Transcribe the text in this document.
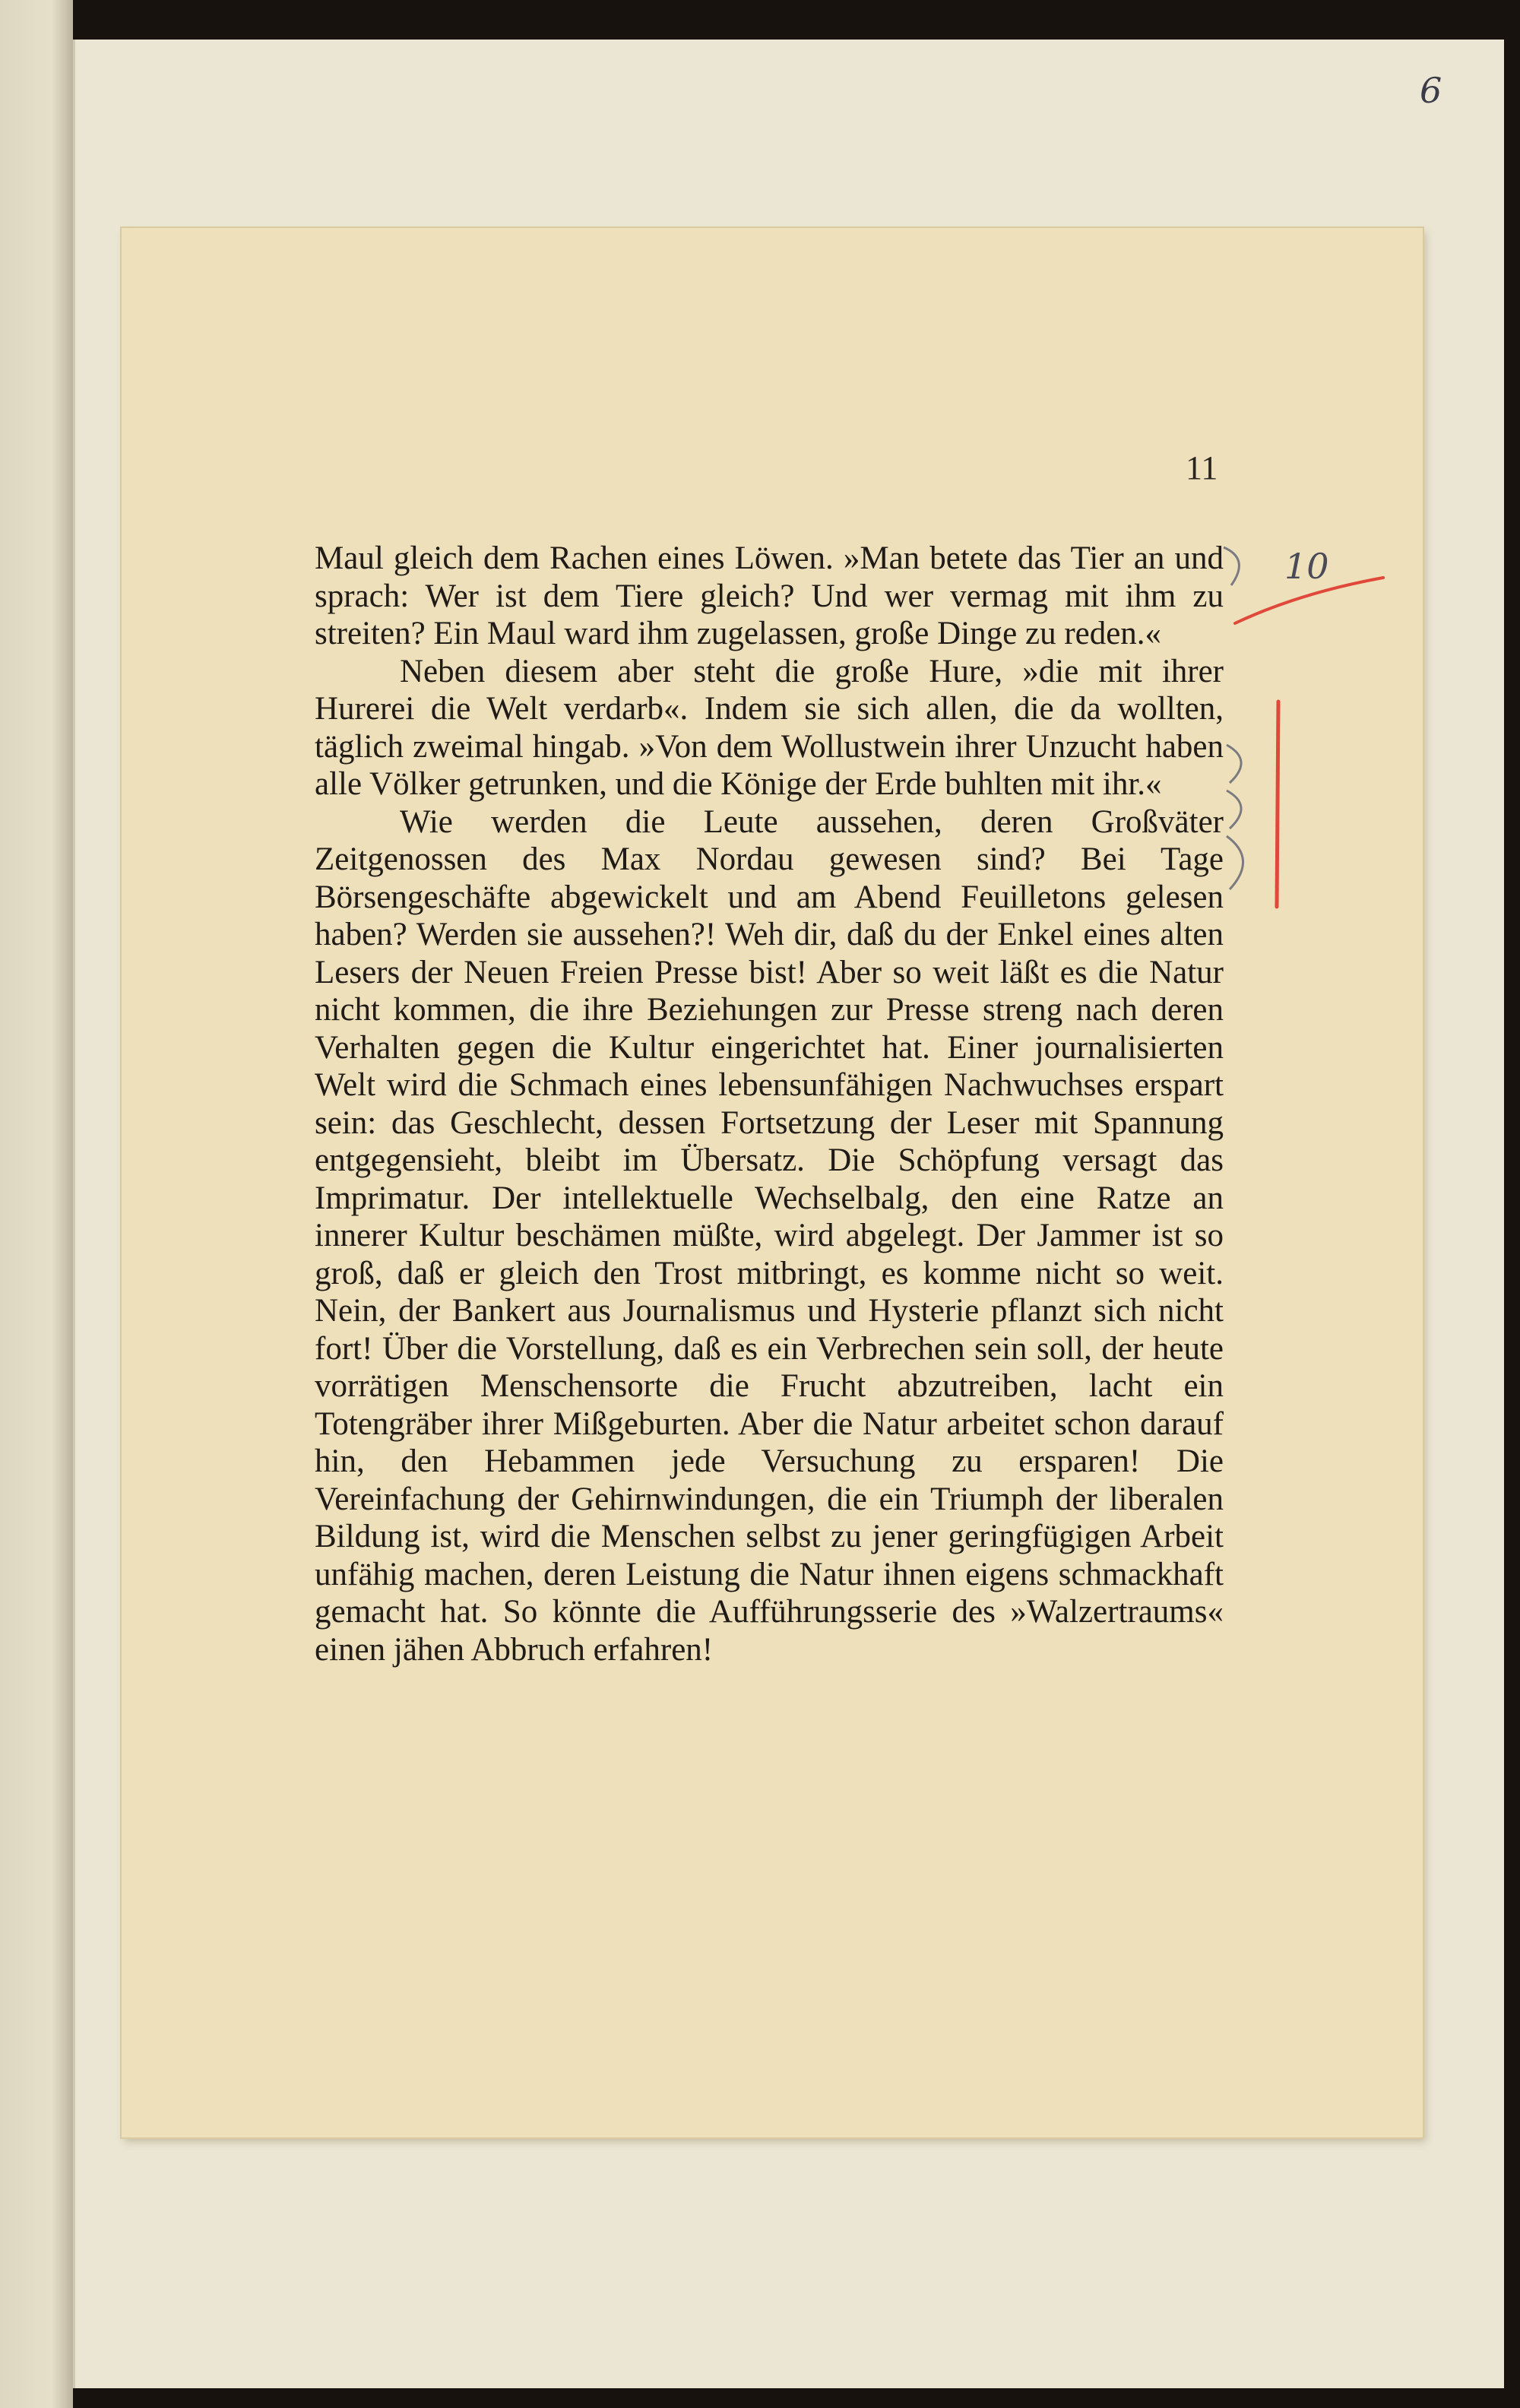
6
11

Maul gleich dem Rachen eines Löwen. »Man betete das Tier an und sprach: Wer ist dem Tiere gleich? Und wer vermag mit ihm zu streiten? Ein Maul ward ihm zugelassen, große Dinge zu reden.«

Neben diesem aber steht die große Hure, »die mit ihrer Hurerei die Welt verdarb«. Indem sie sich allen, die da wollten, täglich zweimal hingab. »Von dem Wollustwein ihrer Unzucht haben alle Völker getrunken, und die Könige der Erde buhlten mit ihr.«

Wie werden die Leute aussehen, deren Großväter Zeitgenossen des Max Nordau gewesen sind? Bei Tage Börsengeschäfte abgewickelt und am Abend Feuilletons gelesen haben? Werden sie aussehen?! Weh dir, daß du der Enkel eines alten Lesers der Neuen Freien Presse bist! Aber so weit läßt es die Natur nicht kommen, die ihre Beziehungen zur Presse streng nach deren Verhalten gegen die Kultur eingerichtet hat. Einer journalisierten Welt wird die Schmach eines lebensunfähigen Nachwuchses erspart sein: das Geschlecht, dessen Fortsetzung der Leser mit Spannung entgegensieht, bleibt im Übersatz. Die Schöpfung versagt das Imprimatur. Der intellektuelle Wechselbalg, den eine Ratze an innerer Kultur beschämen müßte, wird abgelegt. Der Jammer ist so groß, daß er gleich den Trost mitbringt, es komme nicht so weit. Nein, der Bankert aus Journalismus und Hysterie pflanzt sich nicht fort! Über die Vorstellung, daß es ein Verbrechen sein soll, der heute vorrätigen Menschensorte die Frucht abzutreiben, lacht ein Totengräber ihrer Mißgeburten. Aber die Natur arbeitet schon darauf hin, den Hebammen jede Versuchung zu ersparen! Die Vereinfachung der Gehirnwindungen, die ein Triumph der liberalen Bildung ist, wird die Menschen selbst zu jener geringfügigen Arbeit unfähig machen, deren Leistung die Natur ihnen eigens schmackhaft gemacht hat. So könnte die Aufführungsserie des »Walzertraums« einen jähen Abbruch erfahren!

10
